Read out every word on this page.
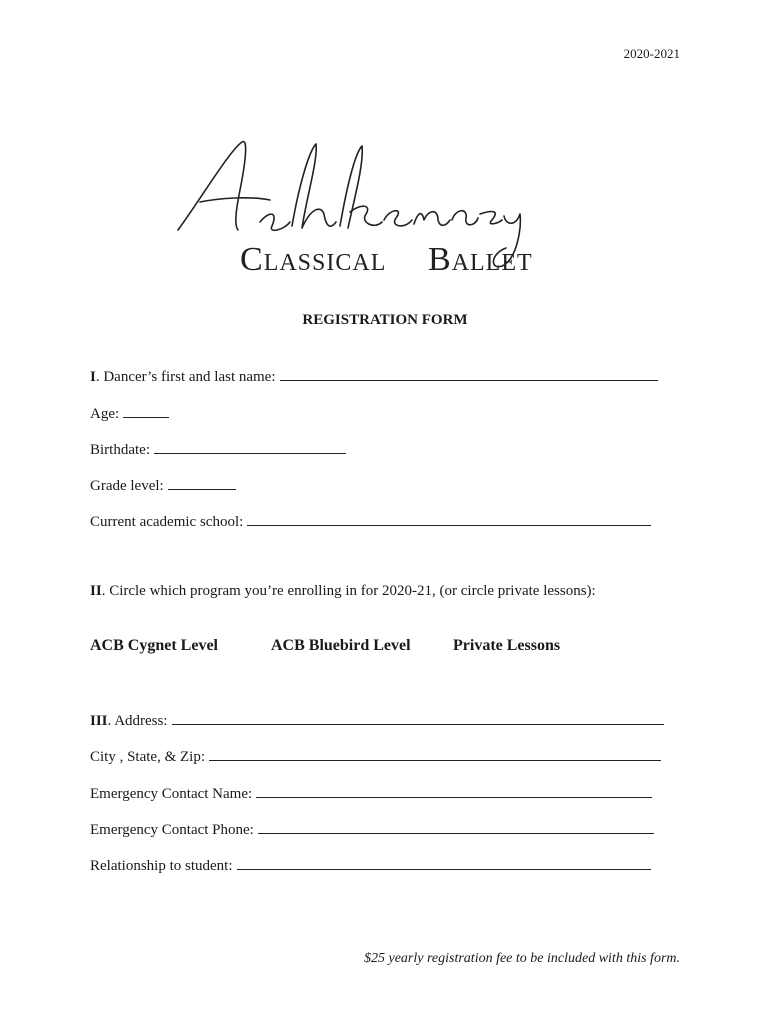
2020-2021
CLASSICAL BALLET
REGISTRATION FORM
I. Dancer’s first and last name:
Age:
Birthdate:
Grade level:
Current academic school:
II. Circle which program you’re enrolling in for 2020-21, (or circle private lessons):
ACB Cygnet Level	ACB Bluebird Level	Private Lessons
III. Address:
City , State, & Zip:
Emergency Contact Name:
Emergency Contact Phone:
Relationship to student:
$25 yearly registration fee to be included with this form.
